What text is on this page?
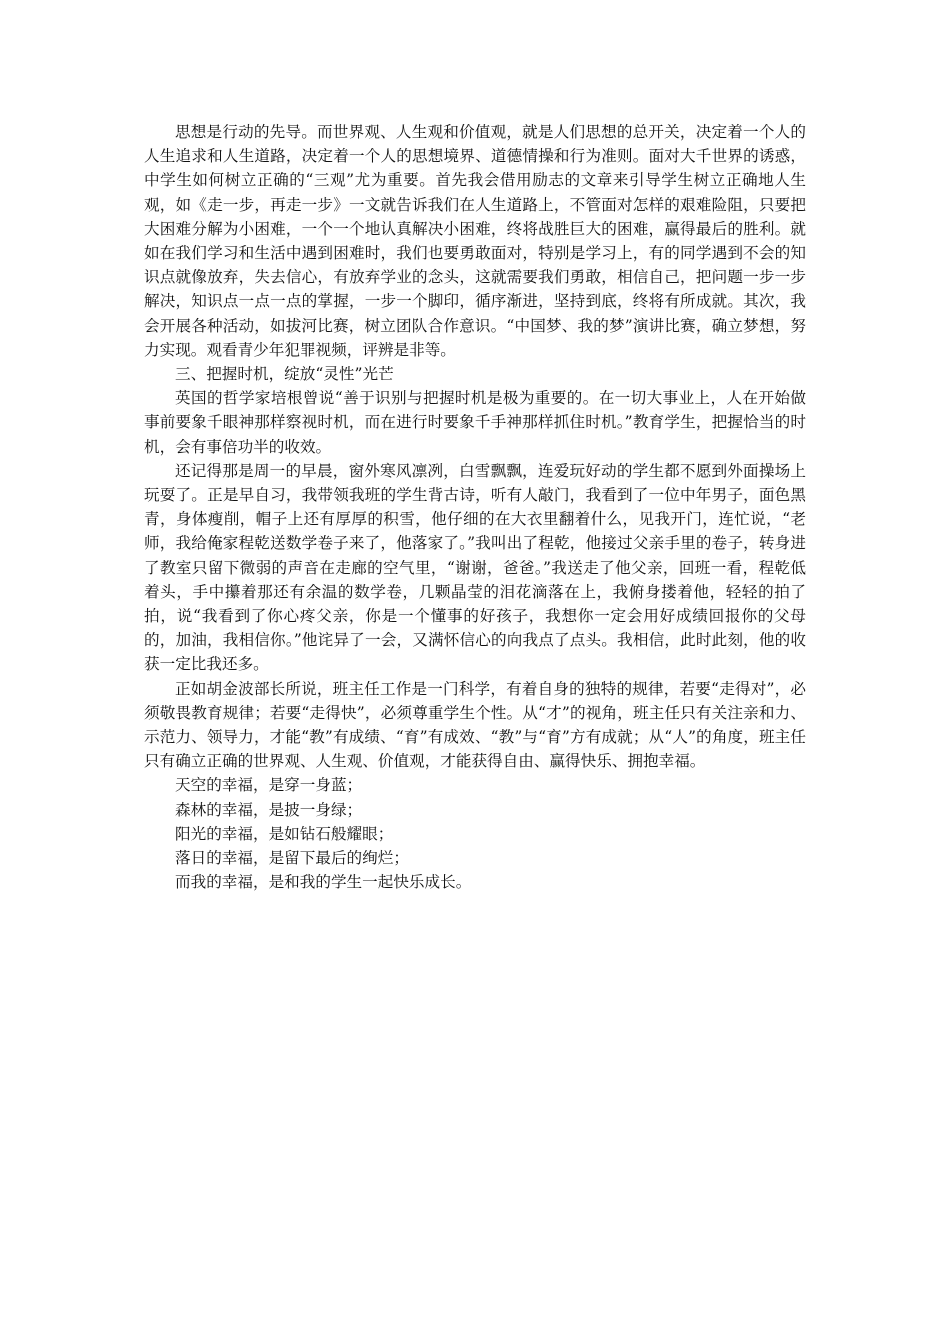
思想是行动的先导。而世界观、人生观和价值观，就是人们思想的总开关，决定着一个人的人生追求和人生道路，决定着一个人的思想境界、道德情操和行为准则。面对大千世界的诱惑，中学生如何树立正确的“三观”尤为重要。首先我会借用励志的文章来引导学生树立正确地人生观，如《走一步，再走一步》一文就告诉我们在人生道路上，不管面对怎样的艰难险阻，只要把大困难分解为小困难，一个一个地认真解决小困难，终将战胜巨大的困难，赢得最后的胜利。就如在我们学习和生活中遇到困难时，我们也要勇敢面对，特别是学习上，有的同学遇到不会的知识点就像放弃，失去信心，有放弃学业的念头，这就需要我们勇敢，相信自己，把问题一步一步解决，知识点一点一点的掌握，一步一个脚印，循序渐进，坚持到底，终将有所成就。其次，我会开展各种活动，如拔河比赛，树立团队合作意识。“中国梦、我的梦”演讲比赛，确立梦想，努力实现。观看青少年犯罪视频，评辨是非等。

三、把握时机，绽放“灵性”光芒

英国的哲学家培根曾说“善于识别与把握时机是极为重要的。在一切大事业上，人在开始做事前要象千眼神那样察视时机，而在进行时要象千手神那样抓住时机。”教育学生，把握恰当的时机，会有事倍功半的收效。

还记得那是周一的早晨，窗外寒风凛冽，白雪飘飘，连爱玩好动的学生都不愿到外面操场上玩耍了。正是早自习，我带领我班的学生背古诗，听有人敲门，我看到了一位中年男子，面色黑青，身体瘦削，帽子上还有厚厚的积雪，他仔细的在大衣里翻着什么，见我开门，连忙说，“老师，我给俺家程乾送数学卷子来了，他落家了。”我叫出了程乾，他接过父亲手里的卷子，转身进了教室只留下微弱的声音在走廊的空气里，“谢谢，爸爸。”我送走了他父亲，回班一看，程乾低着头，手中攥着那还有余温的数学卷，几颗晶莹的泪花滴落在上，我俯身搂着他，轻轻的拍了拍，说“我看到了你心疼父亲，你是一个懂事的好孩子，我想你一定会用好成绩回报你的父母的，加油，我相信你。”他诧异了一会，又满怀信心的向我点了点头。我相信，此时此刻，他的收获一定比我还多。

正如胡金波部长所说，班主任工作是一门科学，有着自身的独特的规律，若要“走得对”，必须敬畏教育规律；若要“走得快”，必须尊重学生个性。从“才”的视角，班主任只有关注亲和力、示范力、领导力，才能“教”有成绩、“育”有成效、“教”与“育”方有成就；从“人”的角度，班主任只有确立正确的世界观、人生观、价值观，才能获得自由、赢得快乐、拥抱幸福。

天空的幸福，是穿一身蓝；

森林的幸福，是披一身绿；

阳光的幸福，是如钻石般耀眼；

落日的幸福，是留下最后的绚烂；

而我的幸福，是和我的学生一起快乐成长。
